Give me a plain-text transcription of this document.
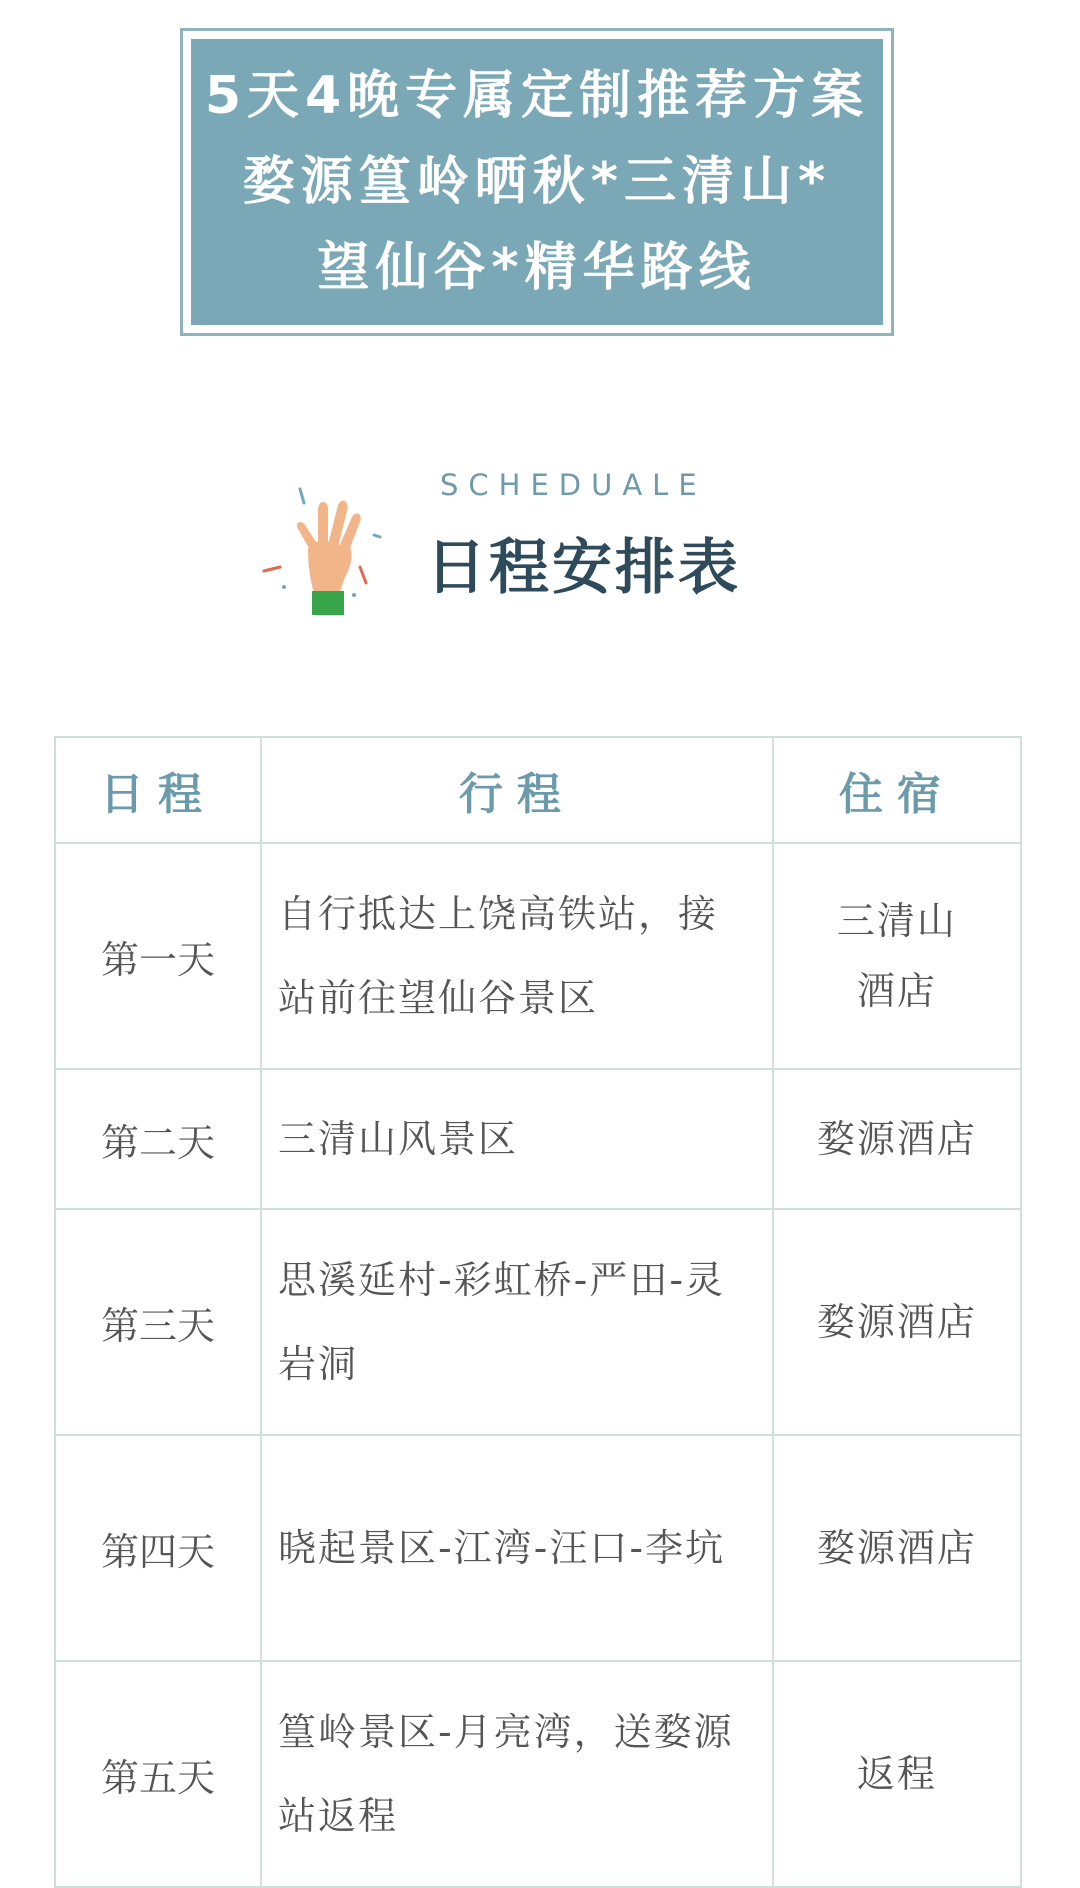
5天4晚专属定制推荐方案
婺源篁岭晒秋*三清山*
望仙谷*精华路线
SCHEDUALE
日程安排表
日程	行程	住宿
第一天	自行抵达上饶高铁站，接站前往望仙谷景区	三清山酒店
第二天	三清山风景区	婺源酒店
第三天	思溪延村-彩虹桥-严田-灵岩洞	婺源酒店
第四天	晓起景区-江湾-汪口-李坑	婺源酒店
第五天	篁岭景区-月亮湾，送婺源站返程	返程
